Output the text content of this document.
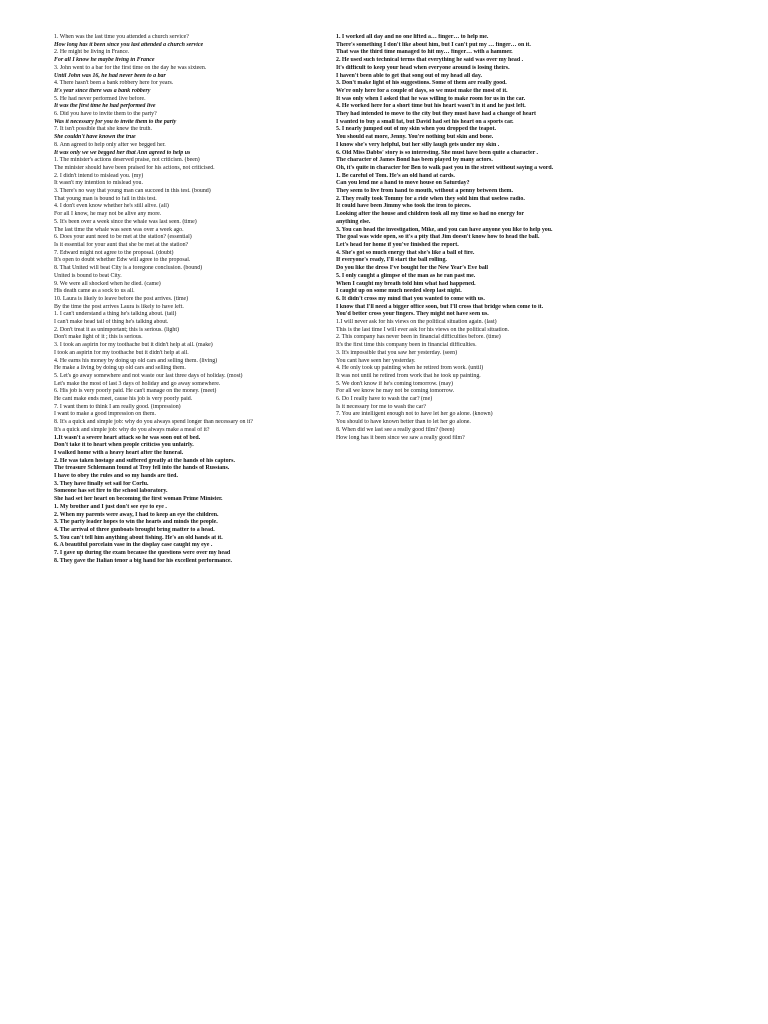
1. When was the last time you attended a church service?
How long has it been since you last attended a church service
2. He might be living in France.
For all I know he maybe living in France
3. John went to a bar for the first time on the day he was sixteen.
Until John was 16, he had never been to a bar
4. There hasn't been a bank robbery here for years.
It's year since there was a bank robbery
5. He had never performed live before.
It was the first time he had performed live
6. Did you have to invite them to the party?
Was it necessary for you to invite them to the party
7. It isn't possible that she knew the truth.
She couldn't have known the true
8. Ann agreed to help only after we begged her.
It was only we we begged her that Ann agreed to help us
1. The minister's actions deserved praise, not criticism. (been)
The minister should have been praised for his actions, not criticised.
2. I didn't intend to mislead you. (my)
It wasn't my intention to mislead you.
3. There's no way that young man can succeed in this test. (bound)
That young man is bound to fail in this test.
4. I don't even know whether he's still alive. (all)
For all I know, he may not be alive any more.
5. It's been over a week since the whale was last seen. (time)
The last time the whale was seen was over a week ago.
6. Does your aunt need to be met at the station? (essential)
Is it essential for your aunt that she be met at the station?
7. Edward might not agree to the proposal. (doubt)
It's open to doubt whether Edw will agree to the proposal.
8. That United will beat City is a foregone conclusion. (bound)
United is bound to beat City.
9. We were all shocked when he died. (came)
His death came as a sock to us all.
10. Laura is likely to leave before the post arrives. (time)
By the time the post arrives Laura is likely to have left.
1. I can't understand a thing he's talking about. (tail)
I can't make head tail of thing he's talking about.
2. Don't treat it as unimportant; this is serious. (light)
Don't make light of it ; this is serious.
3. I took an aspirin for my toothache but it didn't help at all. (make)
I took an aspirin for my toothache but it didn't help at all.
4. He earns his money by doing up old cars and selling them. (living)
He make a living by doing up old cars and selling them.
5. Let's go away somewhere and not waste our last three days of holiday. (most)
Let's make the most of last 3 days of holiday and go away somewhere.
6. His job is very poorly paid. He can't manage on the money. (meet)
He cant make ends meet, cause his job is very poorly paid.
7. I want them to think I am really good. (impression)
I want to make a good impression on them.
8. It's a quick and simple job: why do you always spend longer than necessary on it?
It's a quick and simple job: why do you always make a meal of it?
1.It wasn't a severe heart attack so he was soon out of bed.
Don't take it to heart when people criticiss you unfairly.
I walked home with a heavy heart after the funeral.
2. He was taken hostage and suffered greatly at the hands of his captors.
The treasure Schlemann found at Troy fell into the hands of Russians.
I have to obey the rules and so my hands are tied.
3. They have finally set sail for Corfu.
Someone has set fire to the school laboratory.
She had set her heart on becoming the first woman Prime Minister.
1. My brother and I just don't see eye to eye .
2. When my parents were away, I had to keep an eye the children.
3. The party leader hopes to win the hearts and minds the people.
4. The arrival of three gunboats brought bring matter to a head.
5. You can't tell him anything about fishing. He's an old hands at it.
6. A beautiful porcelain vase in the display case caught my eye .
7. I gave up during the exam because the questions were over my head
8. They gave the Italian tenor a big hand for his excellent performance.
1. I worked all day and no one lifted a… finger… to help me.
There's something I don't like about him, but I can't put my … finger… on it.
That was the third time managed to hit my… finger… with a hammer.
2. He used such technical terms that everything he said was over my head .
It's difficult to keep your head when everyone around is losing theirs.
I haven't been able to get that song out of my head all day.
3. Don't make light of his suggestions. Some of them are really good.
We're only here for a couple of days, so we must make the most of it.
It was only when I asked that he was willing to make room for us in the car.
4. He worked here for a short time but his heart wasn't in it and he just left.
They had intended to move to the city but they must have had a change of heart
I wanted to buy a small fat, but David had set his heart on a sports car.
5. I nearly jumped out of my skin when you dropped the teapot.
You should eat more, Jenny. You're nothing but skin and bone.
I know she's very helpful, but her silly laugh gets under my skin .
6. Old Miss Dabbs' story is so interesting. She must have been quite a character .
The character of James Bond has been played by many actors.
Oh, it's quite in character for Ben to walk past you in the street without saying a word.
1. Be careful of Tom. He's an old hand at cards.
Can you lend me a hand to move house on Saturday?
They seem to live from hand to mouth, without a penny between them.
2. They really took Tommy for a ride when they sold him that useless radio.
It could have been Jimmy who took the iron to pieces.
Looking after the house and children took all my time so had no energy for
anything else.
3. You can head the investigation, Mike, and you can have anyone you like to help you.
The goal was wide open, so it's a pity that Jim doesn't know how to head the ball.
Let's head for home if you've finished the report.
4. She's got so much energy that she's like a ball of fire.
If everyone's ready, I'll start the ball rolling.
Do you like the dress I've bought for the New Year's Eve ball
5. I only caught a glimpse of the man as he ran past me.
When I caught my breath told him what had happened.
I caught up on some much needed sleep last night.
6. It didn't cross my mind that you wanted to come with us.
I know that I'll need a bigger office soon, but I'll cross that bridge when come to it.
You'd better cross your fingers. They might not have seen us.
1.I will never ask for his views on the political situation again. (last)
This is the last time I will ever ask for his views on the political situation.
2. This company has never been in financial difficulties before. (time)
It's the first time this company been in financial difficulties.
3. It's impossible that you saw her yesterday. (seen)
You cant have seen her yesterday.
4. He only took up painting when he retired from work. (until)
It was not until he retired from work that he took up painting.
5. We don't know if he's coming tomorrow. (may)
For all we know he may not be coming tomorrow.
6. Do I really have to wash the car? (me)
Is it necessary for me to wash the car?
7. You are intelligent enough not to have let her go alone. (known)
You should to have known better than to let her go alone.
8. When did we last see a really good film? (been)
How long has it been since we saw a really good film?
